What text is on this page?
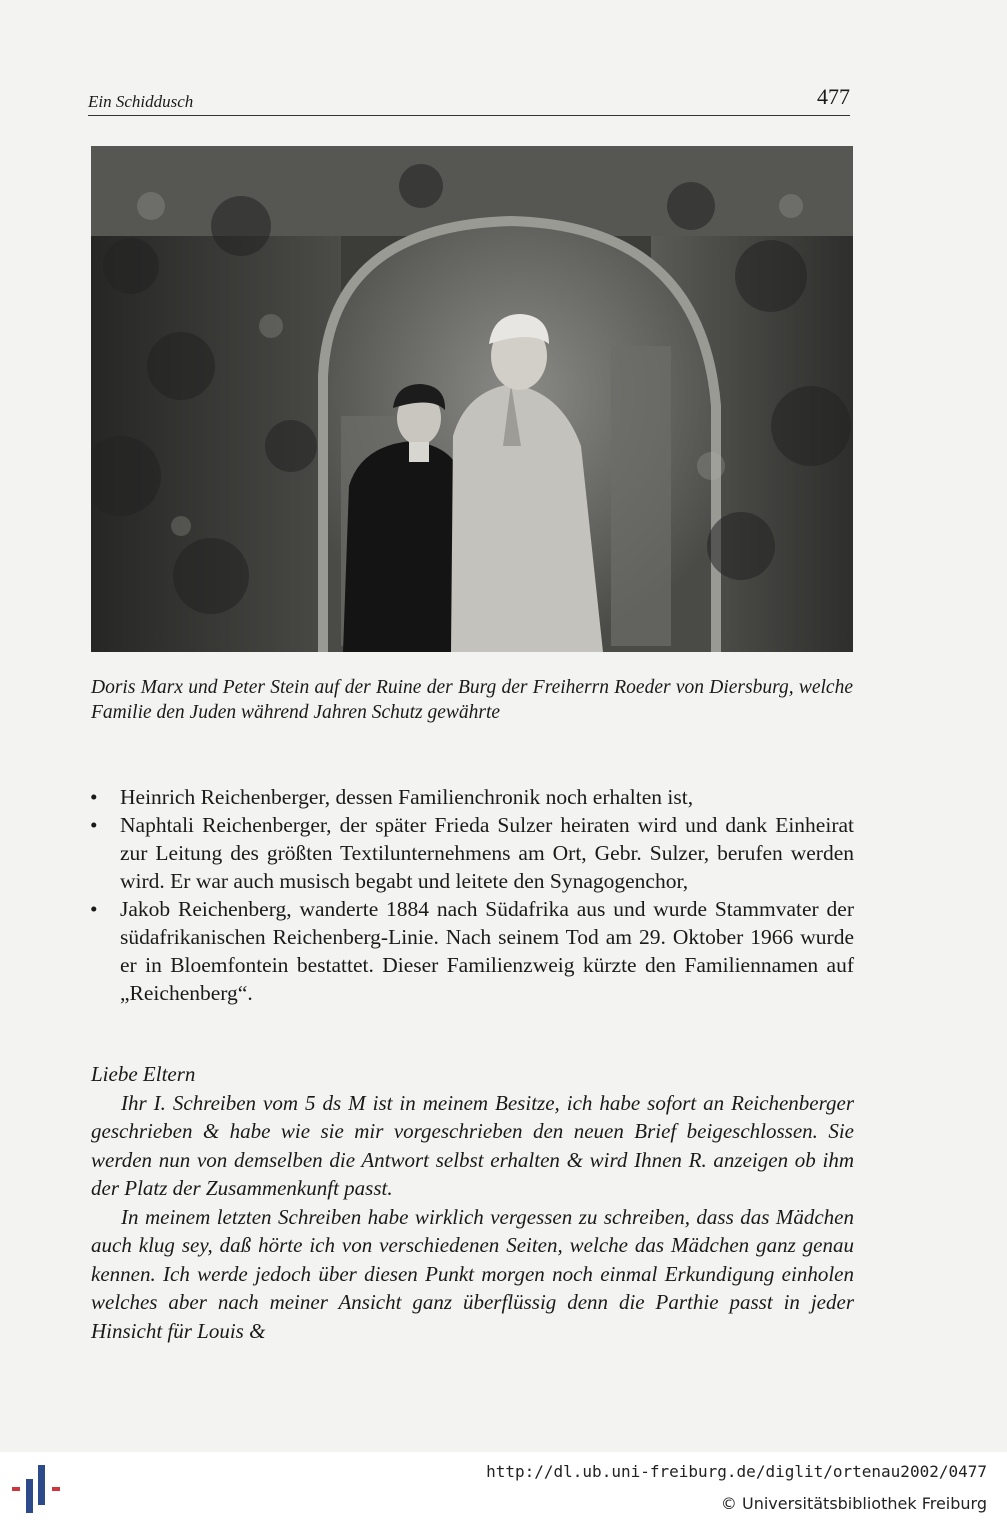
Ein Schiddusch	477
Doris Marx und Peter Stein auf der Ruine der Burg der Freiherrn Roeder von Diersburg, welche Familie den Juden während Jahren Schutz gewährte
• Heinrich Reichenberger, dessen Familienchronik noch erhalten ist,
• Naphtali Reichenberger, der später Frieda Sulzer heiraten wird und dank Einheirat zur Leitung des größten Textilunternehmens am Ort, Gebr. Sulzer, berufen werden wird. Er war auch musisch begabt und leitete den Synagogenchor,
• Jakob Reichenberg, wanderte 1884 nach Südafrika aus und wurde Stammvater der südafrikanischen Reichenberg-Linie. Nach seinem Tod am 29. Oktober 1966 wurde er in Bloemfontein bestattet. Dieser Familienzweig kürzte den Familiennamen auf „Reichenberg“.

Liebe Eltern

Ihr I. Schreiben vom 5 ds M ist in meinem Besitze, ich habe sofort an Reichenberger geschrieben & habe wie sie mir vorgeschrieben den neuen Brief beigeschlossen. Sie werden nun von demselben die Antwort selbst erhalten & wird Ihnen R. anzeigen ob ihm der Platz der Zusammenkunft passt.

In meinem letzten Schreiben habe wirklich vergessen zu schreiben, dass das Mädchen auch klug sey, daß hörte ich von verschiedenen Seiten, welche das Mädchen ganz genau kennen. Ich werde jedoch über diesen Punkt morgen noch einmal Erkundigung einholen welches aber nach meiner Ansicht ganz überflüssig denn die Parthie passt in jeder Hinsicht für Louis &

http://dl.ub.uni-freiburg.de/diglit/ortenau2002/0477
© Universitätsbibliothek Freiburg
